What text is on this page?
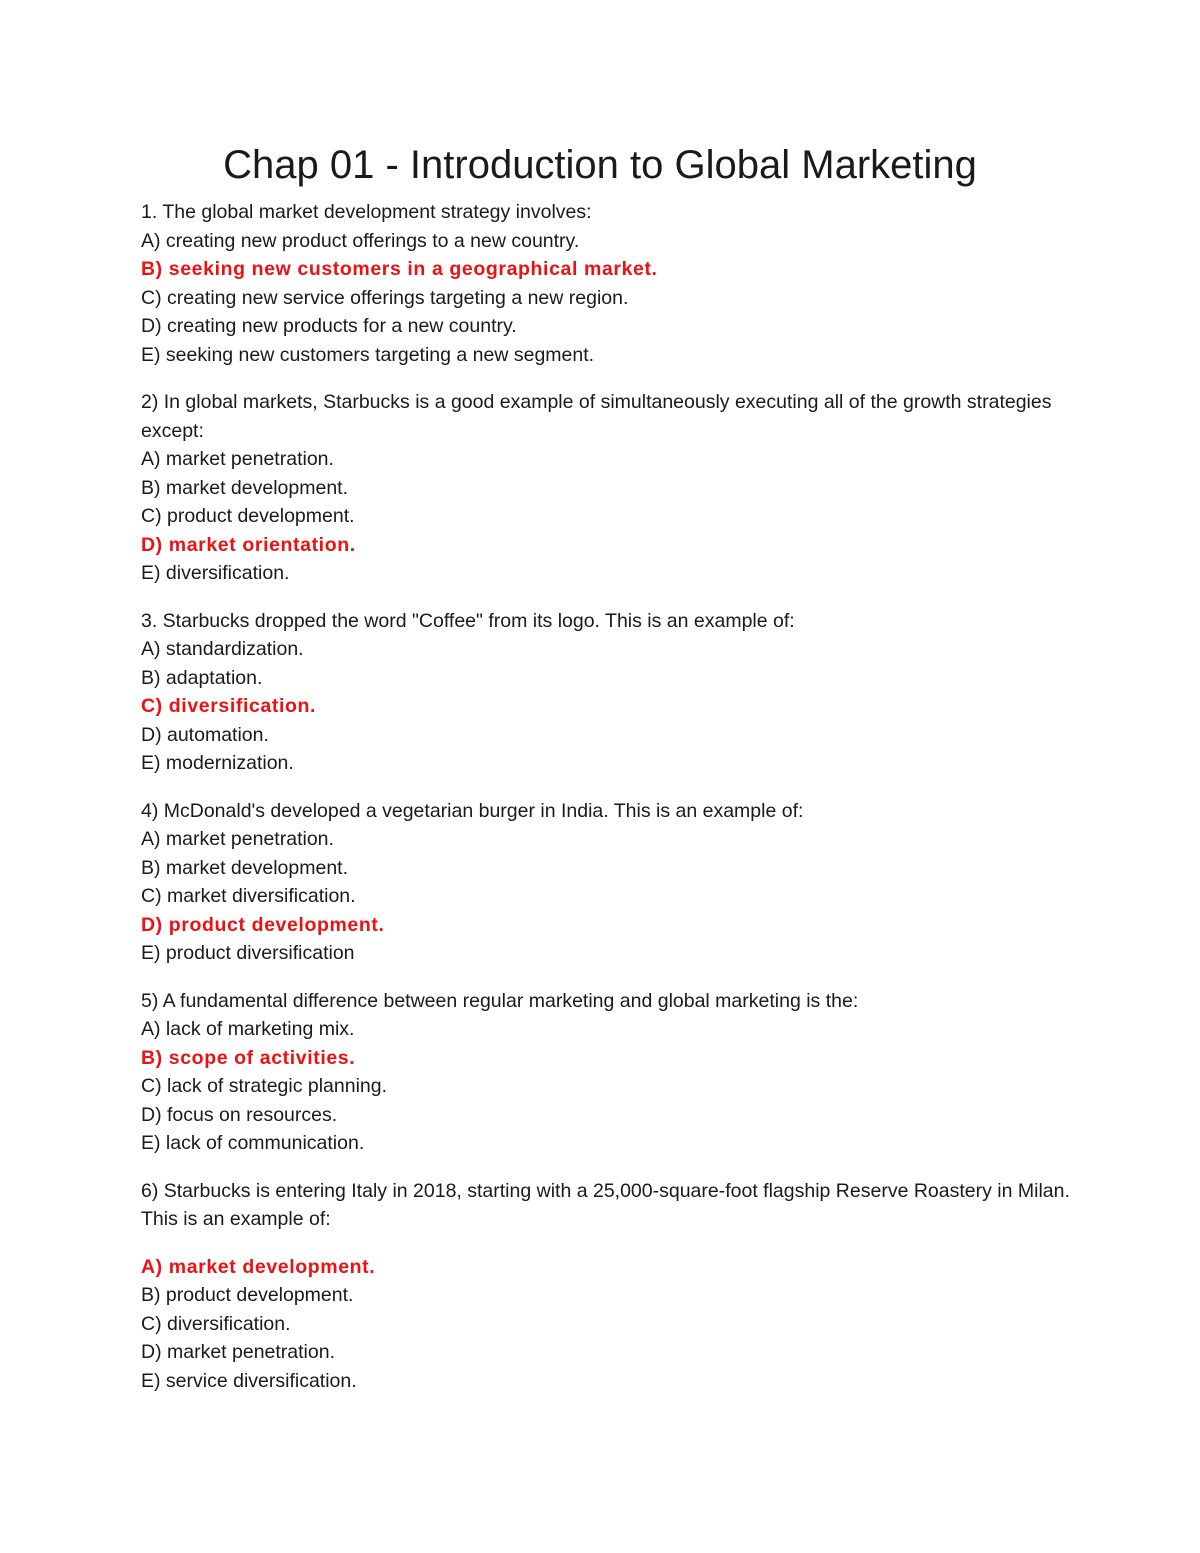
Chap 01 - Introduction to Global Marketing

1. The global market development strategy involves:

A) creating new product offerings to a new country.

B) seeking new customers in a geographical market.

C) creating new service offerings targeting a new region.

D) creating new products for a new country.

E) seeking new customers targeting a new segment.

2) In global markets, Starbucks is a good example of simultaneously executing all of the growth strategies except:

A) market penetration.

B) market development.

C) product development.

D) market orientation.

E) diversification.

3. Starbucks dropped the word "Coffee" from its logo. This is an example of:

A) standardization.

B) adaptation.

C) diversification.

D) automation.

E) modernization.

4) McDonald's developed a vegetarian burger in India. This is an example of:

A) market penetration.

B) market development.

C) market diversification.

D) product development.

E) product diversification

5) A fundamental difference between regular marketing and global marketing is the:

A) lack of marketing mix.

B) scope of activities.

C) lack of strategic planning.

D) focus on resources.

E) lack of communication.

6) Starbucks is entering Italy in 2018, starting with a 25,000-square-foot flagship Reserve Roastery in Milan. This is an example of:

A) market development.

B) product development.

C) diversification.

D) market penetration.

E) service diversification.
